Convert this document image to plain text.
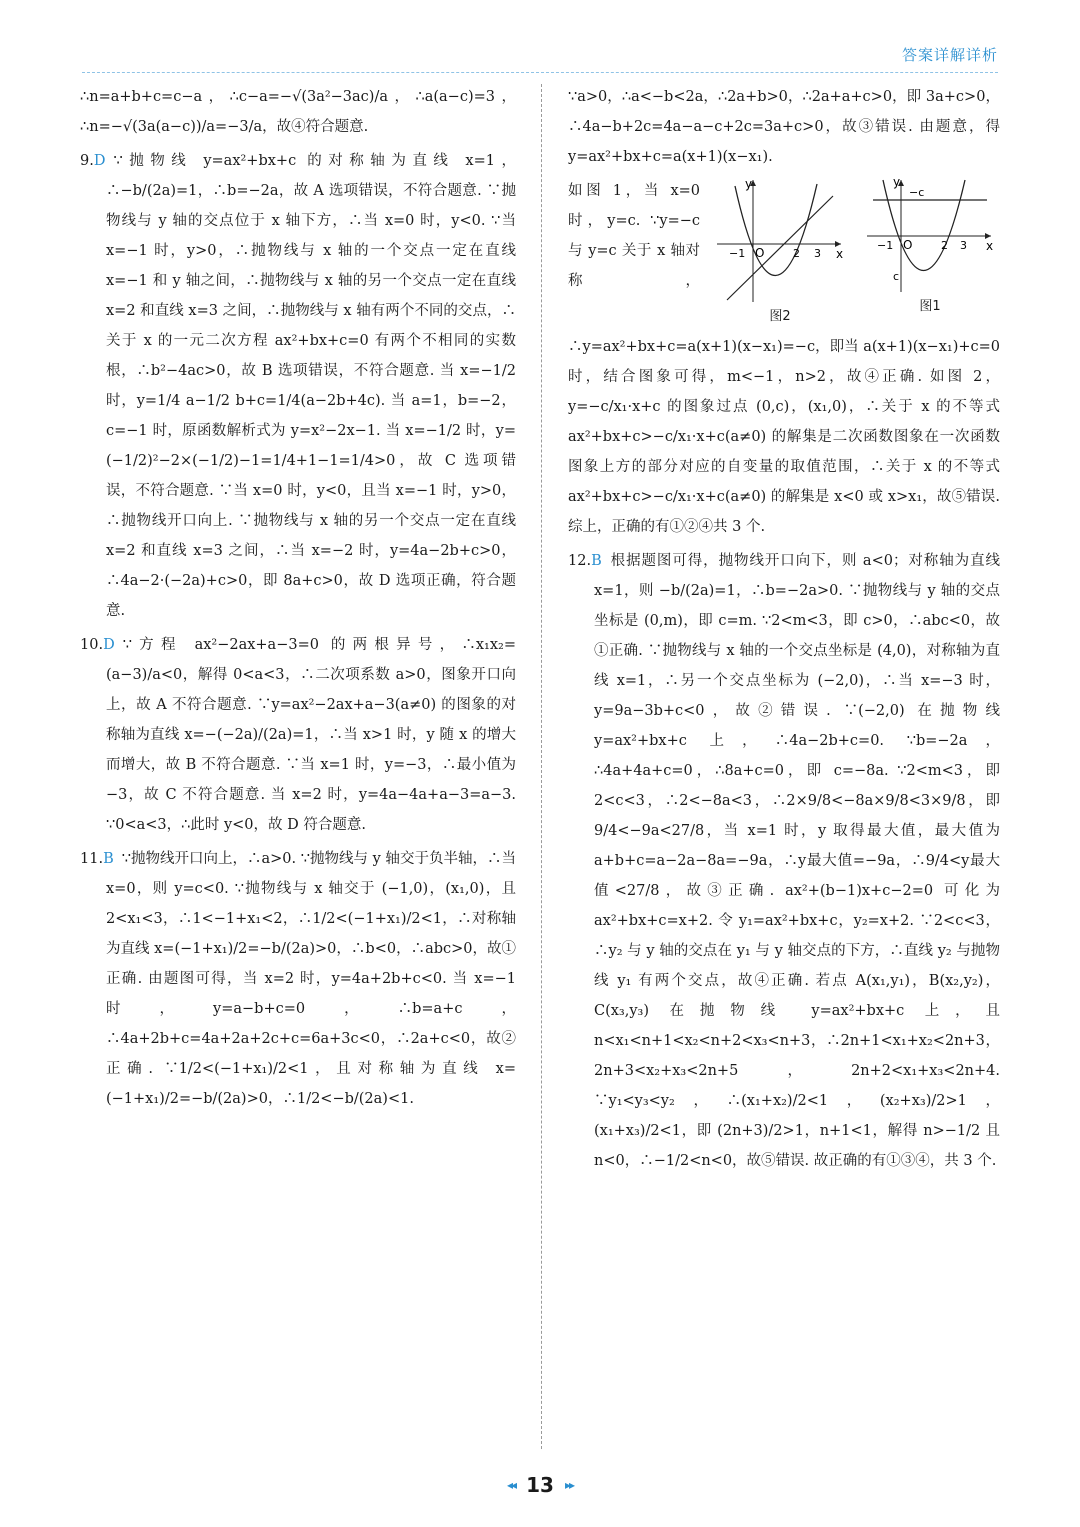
答案详解详析

∴n=a+b+c=c−a，∴c−a=−√(3a²−3ac)/a，∴a(a−c)=3，∴n=−√(3a(a−c))/a=−3/a，故④符合题意.

9.D ∵抛物线 y=ax²+bx+c 的对称轴为直线 x=1，∴−b/(2a)=1，∴b=−2a，故 A 选项错误，不符合题意. ∵抛物线与 y 轴的交点位于 x 轴下方，∴当 x=0 时，y<0. ∵当 x=−1 时，y>0，∴抛物线与 x 轴的一个交点一定在直线 x=−1 和 y 轴之间，∴抛物线与 x 轴的另一个交点一定在直线 x=2 和直线 x=3 之间，∴抛物线与 x 轴有两个不同的交点，∴关于 x 的一元二次方程 ax²+bx+c=0 有两个不相同的实数根，∴b²−4ac>0，故 B 选项错误，不符合题意. 当 x=−1/2 时，y=1/4 a−1/2 b+c=1/4(a−2b+4c). 当 a=1，b=−2，c=−1 时，原函数解析式为 y=x²−2x−1. 当 x=−1/2 时，y=(−1/2)²−2×(−1/2)−1=1/4+1−1=1/4>0，故 C 选项错误，不符合题意. ∵当 x=0 时，y<0，且当 x=−1 时，y>0，∴抛物线开口向上. ∵抛物线与 x 轴的另一个交点一定在直线 x=2 和直线 x=3 之间，∴当 x=−2 时，y=4a−2b+c>0，∴4a−2·(−2a)+c>0，即 8a+c>0，故 D 选项正确，符合题意.

10.D ∵方程 ax²−2ax+a−3=0 的两根异号，∴x₁x₂=(a−3)/a<0，解得 0<a<3，∴二次项系数 a>0，图象开口向上，故 A 不符合题意. ∵y=ax²−2ax+a−3(a≠0) 的图象的对称轴为直线 x=−(−2a)/(2a)=1，∴当 x>1 时，y 随 x 的增大而增大，故 B 不符合题意. ∵当 x=1 时，y=−3，∴最小值为−3，故 C 不符合题意. 当 x=2 时，y=4a−4a+a−3=a−3. ∵0<a<3，∴此时 y<0，故 D 符合题意.

11.B ∵抛物线开口向上，∴a>0. ∵抛物线与 y 轴交于负半轴，∴当 x=0，则 y=c<0. ∵抛物线与 x 轴交于 (−1,0)，(x₁,0)，且 2<x₁<3，∴1<−1+x₁<2，∴1/2<(−1+x₁)/2<1，∴对称轴为直线 x=(−1+x₁)/2=−b/(2a)>0，∴b<0，∴abc>0，故①正确. 由题图可得，当 x=2 时，y=4a+2b+c<0. 当 x=−1 时，y=a−b+c=0，∴b=a+c，∴4a+2b+c=4a+2a+2c+c=6a+3c<0，∴2a+c<0，故②正确. ∵1/2<(−1+x₁)/2<1，且对称轴为直线 x=(−1+x₁)/2=−b/(2a)>0，∴1/2<−b/(2a)<1.

∵a>0，∴a<−b<2a，∴2a+b>0，∴2a+a+c>0，即 3a+c>0，∴4a−b+2c=4a−a−c+2c=3a+c>0，故③错误. 由题意，得 y=ax²+bx+c=a(x+1)(x−x₁).

y
x
−c
O
−1	2 3
c
图1
y
x
O
−1	2 3
图2

如图 1，当 x=0 时，y=c. ∵y=−c 与 y=c 关于 x 轴对称，∴y=ax²+bx+c=a(x+1)(x−x₁)=−c，即当 a(x+1)(x−x₁)+c=0 时，结合图象可得，m<−1，n>2，故④正确. 如图 2，y=−c/x₁·x+c 的图象过点 (0,c)，(x₁,0)，∴关于 x 的不等式 ax²+bx+c>−c/x₁·x+c(a≠0) 的解集是二次函数图象在一次函数图象上方的部分对应的自变量的取值范围，∴关于 x 的不等式 ax²+bx+c>−c/x₁·x+c(a≠0) 的解集是 x<0 或 x>x₁，故⑤错误. 综上，正确的有①②④共 3 个.

12.B 根据题图可得，抛物线开口向下，则 a<0；对称轴为直线 x=1，则 −b/(2a)=1，∴b=−2a>0. ∵抛物线与 y 轴的交点坐标是 (0,m)，即 c=m. ∵2<m<3，即 c>0，∴abc<0，故①正确. ∵抛物线与 x 轴的一个交点坐标是 (4,0)，对称轴为直线 x=1，∴另一个交点坐标为 (−2,0)，∴当 x=−3 时，y=9a−3b+c<0，故②错误. ∵(−2,0) 在抛物线 y=ax²+bx+c 上，∴4a−2b+c=0. ∵b=−2a，∴4a+4a+c=0，∴8a+c=0，即 c=−8a. ∵2<m<3，即 2<c<3，∴2<−8a<3，∴2×9/8<−8a×9/8<3×9/8，即 9/4<−9a<27/8，当 x=1 时，y 取得最大值，最大值为 a+b+c=a−2a−8a=−9a，∴y最大值=−9a，∴9/4<y最大值<27/8，故③正确. ax²+(b−1)x+c−2=0 可化为 ax²+bx+c=x+2. 令 y₁=ax²+bx+c，y₂=x+2. ∵2<c<3，∴y₂ 与 y 轴的交点在 y₁ 与 y 轴交点的下方，∴直线 y₂ 与抛物线 y₁ 有两个交点，故④正确. 若点 A(x₁,y₁)，B(x₂,y₂)，C(x₃,y₃) 在抛物线 y=ax²+bx+c 上，且 n<x₁<n+1<x₂<n+2<x₃<n+3，∴2n+1<x₁+x₂<2n+3，2n+3<x₂+x₃<2n+5，2n+2<x₁+x₃<2n+4. ∵y₁<y₃<y₂，∴(x₁+x₂)/2<1，(x₂+x₃)/2>1，(x₁+x₃)/2<1，即 (2n+3)/2>1，n+1<1，解得 n>−1/2 且 n<0，∴−1/2<n<0，故⑤错误. 故正确的有①③④，共 3 个.

◂◂ 13 ▸▸
